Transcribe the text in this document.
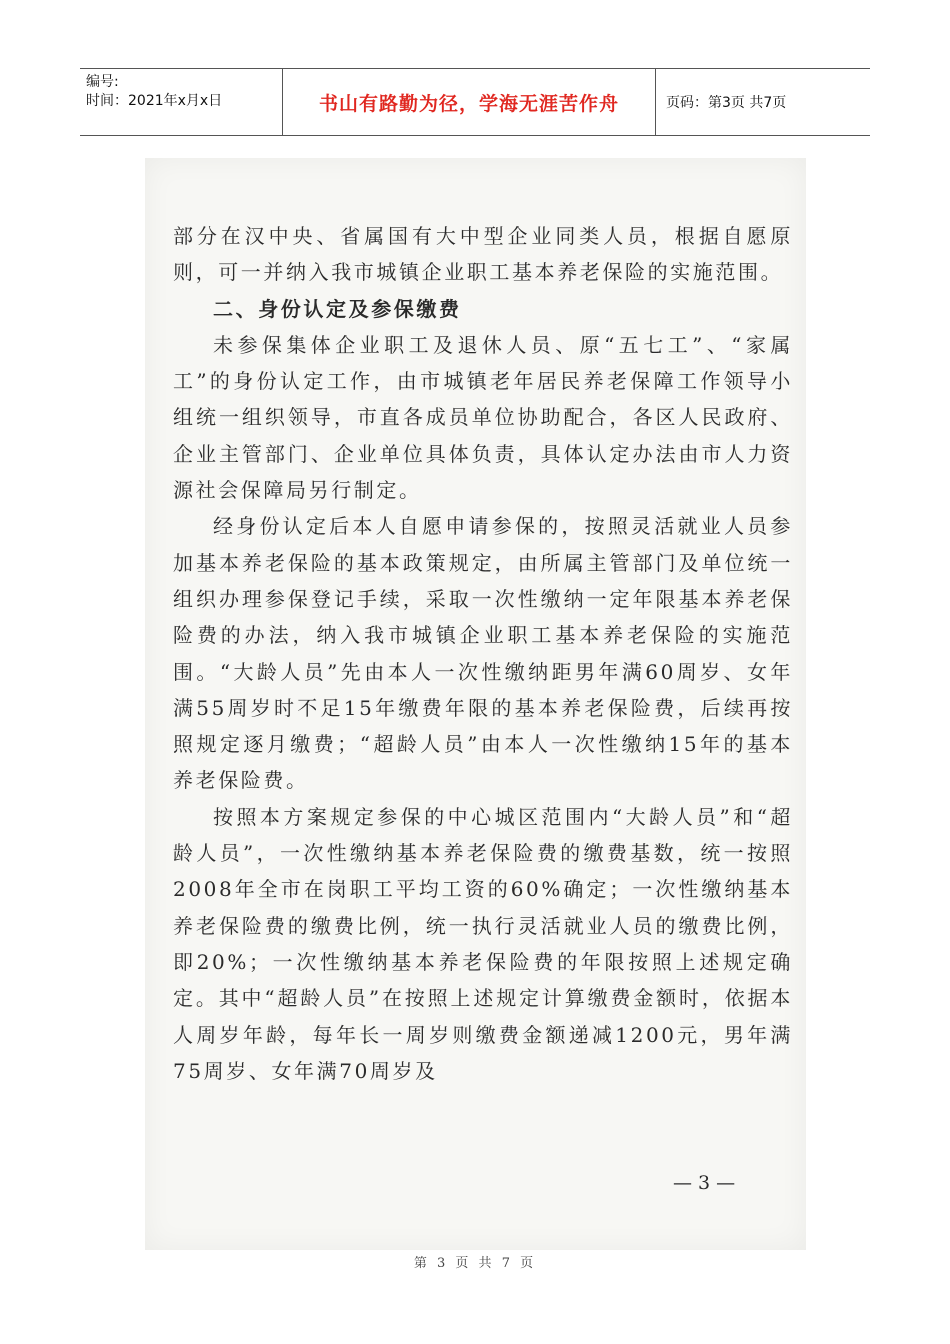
编号:
时间：2021年x月x日	书山有路勤为径，学海无涯苦作舟	页码：第3页 共7页

部分在汉中央、省属国有大中型企业同类人员，根据自愿原则，可一并纳入我市城镇企业职工基本养老保险的实施范围。

二、身份认定及参保缴费

未参保集体企业职工及退休人员、原“五七工”、“家属工”的身份认定工作，由市城镇老年居民养老保障工作领导小组统一组织领导，市直各成员单位协助配合，各区人民政府、企业主管部门、企业单位具体负责，具体认定办法由市人力资源社会保障局另行制定。

经身份认定后本人自愿申请参保的，按照灵活就业人员参加基本养老保险的基本政策规定，由所属主管部门及单位统一组织办理参保登记手续，采取一次性缴纳一定年限基本养老保险费的办法，纳入我市城镇企业职工基本养老保险的实施范围。“大龄人员”先由本人一次性缴纳距男年满60周岁、女年满55周岁时不足15年缴费年限的基本养老保险费，后续再按照规定逐月缴费；“超龄人员”由本人一次性缴纳15年的基本养老保险费。

按照本方案规定参保的中心城区范围内“大龄人员”和“超龄人员”，一次性缴纳基本养老保险费的缴费基数，统一按照2008年全市在岗职工平均工资的60%确定；一次性缴纳基本养老保险费的缴费比例，统一执行灵活就业人员的缴费比例，即20%；一次性缴纳基本养老保险费的年限按照上述规定确定。其中“超龄人员”在按照上述规定计算缴费金额时，依据本人周岁年龄，每年长一周岁则缴费金额递减1200元，男年满75周岁、女年满70周岁及

— 3 —
第 3 页 共 7 页
